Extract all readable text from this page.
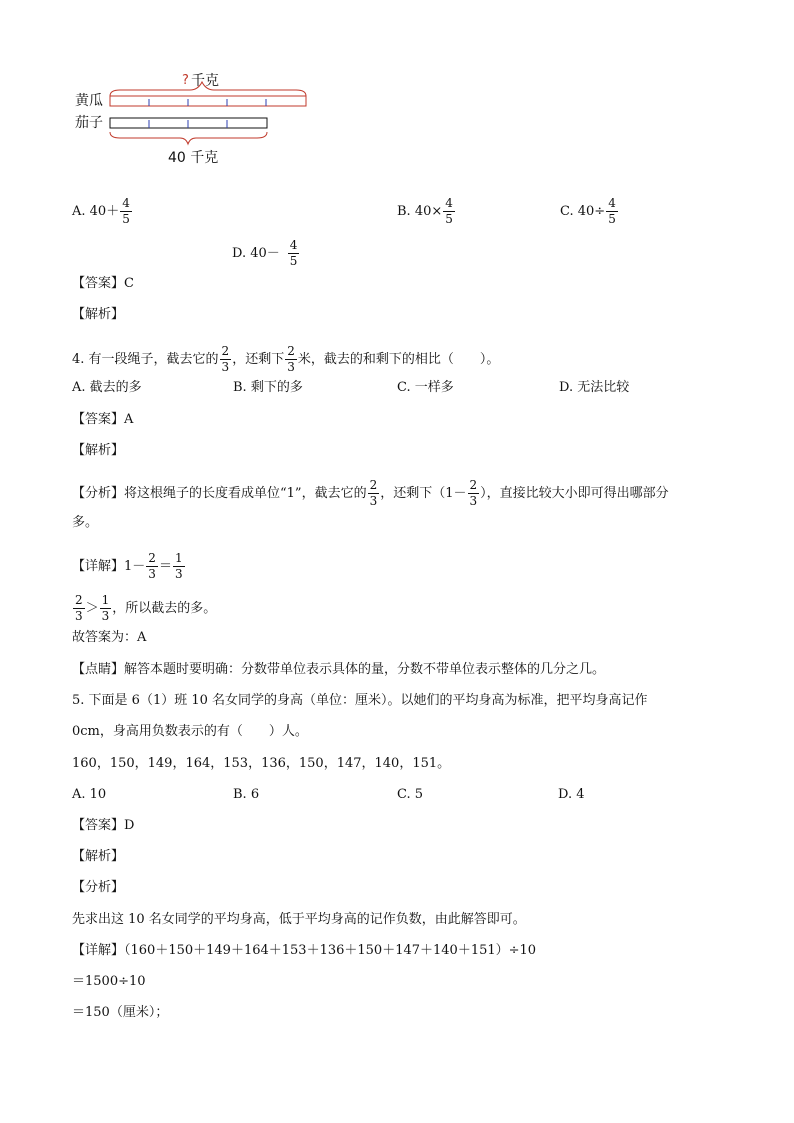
? 千克
黄瓜
茄子
40 千克
A. $40+ \frac{4}{5}$	B. $40\times \frac{4}{5}$	C. $40\div \frac{4}{5}$
D. $40- \frac{4}{5}$
【答案】C
【解析】
4. 有一段绳子，截去它的 $\frac{2}{3}$ ，还剩下 $\frac{2}{3}$ 米，截去的和剩下的相比（　　）。
A. 截去的多	B. 剩下的多	C. 一样多	D. 无法比较
【答案】A
【解析】
【分析】将这根绳子的长度看成单位“1”，截去它的 $\frac{2}{3}$ ，还剩下（$1- \frac{2}{3}$ ），直接比较大小即可得出哪部分
多。
【详解】$1- \frac{2}{3} = \frac{1}{3}$
$\frac{2}{3} > \frac{1}{3}$ ，所以截去的多。
故答案为：A
【点睛】解答本题时要明确：分数带单位表示具体的量，分数不带单位表示整体的几分之几。
5. 下面是 6（1）班 10 名女同学的身高（单位：厘米）。以她们的平均身高为标准，把平均身高记作
0cm，身高用负数表示的有（　　）人。
160，150，149，164，153，136，150，147，140，151。
A. 10	B. 6	C. 5	D. 4
【答案】D
【解析】
【分析】
先求出这 10 名女同学的平均身高，低于平均身高的记作负数，由此解答即可。
【详解】（160＋150＋149＋164＋153＋136＋150＋147＋140＋151）÷10
＝1500÷10
＝150（厘米）；
